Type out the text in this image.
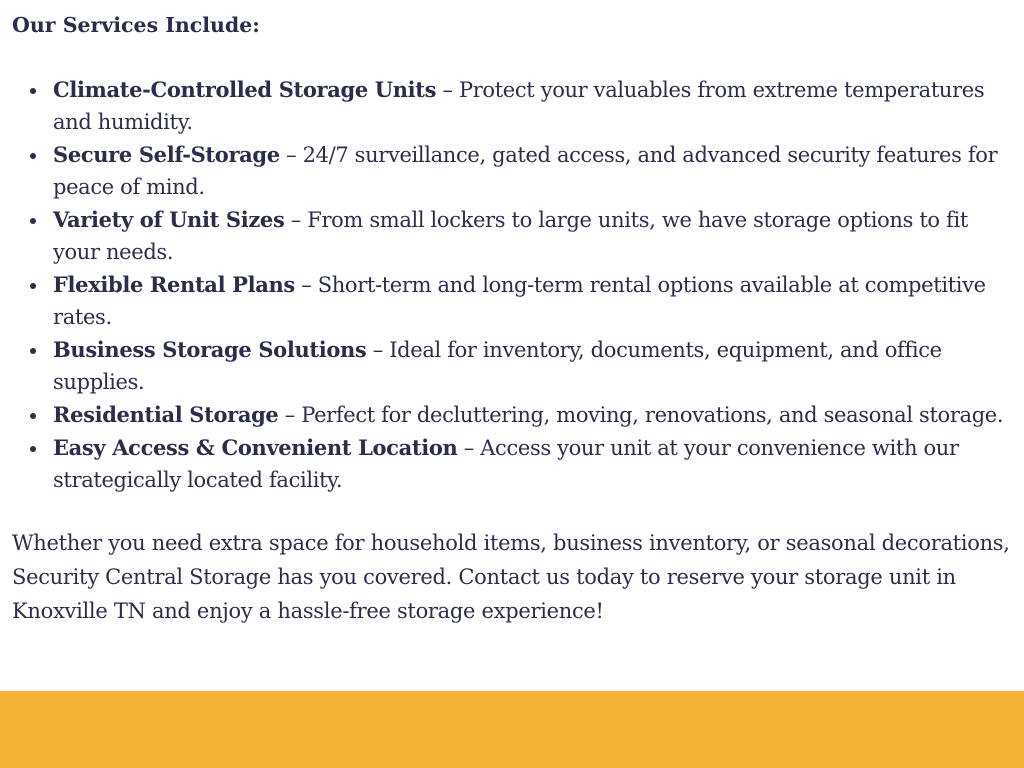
Our Services Include:

Climate-Controlled Storage Units – Protect your valuables from extreme temperatures and humidity.
Secure Self-Storage – 24/7 surveillance, gated access, and advanced security features for peace of mind.
Variety of Unit Sizes – From small lockers to large units, we have storage options to fit your needs.
Flexible Rental Plans – Short-term and long-term rental options available at competitive rates.
Business Storage Solutions – Ideal for inventory, documents, equipment, and office supplies.
Residential Storage – Perfect for decluttering, moving, renovations, and seasonal storage.
Easy Access & Convenient Location – Access your unit at your convenience with our strategically located facility.

Whether you need extra space for household items, business inventory, or seasonal decorations, Security Central Storage has you covered. Contact us today to reserve your storage unit in Knoxville TN and enjoy a hassle-free storage experience!
